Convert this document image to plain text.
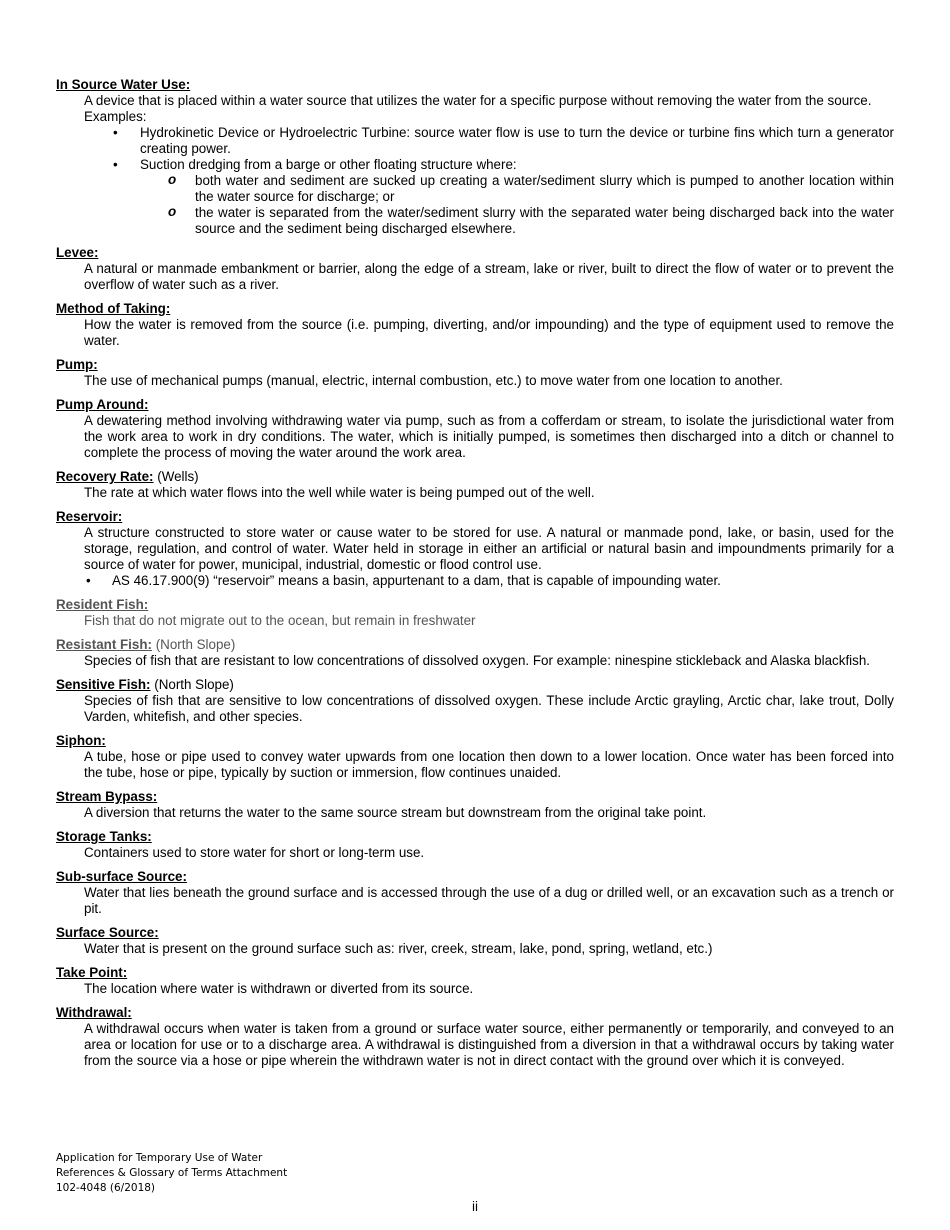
In Source Water Use:

A device that is placed within a water source that utilizes the water for a specific purpose without removing the water from the source.

Examples:

• Hydrokinetic Device or Hydroelectric Turbine: source water flow is use to turn the device or turbine fins which turn a generator creating power.
• Suction dredging from a barge or other floating structure where:
o both water and sediment are sucked up creating a water/sediment slurry which is pumped to another location within the water source for discharge; or
o the water is separated from the water/sediment slurry with the separated water being discharged back into the water source and the sediment being discharged elsewhere.

Levee:

A natural or manmade embankment or barrier, along the edge of a stream, lake or river, built to direct the flow of water or to prevent the overflow of water such as a river.

Method of Taking:

How the water is removed from the source (i.e. pumping, diverting, and/or impounding) and the type of equipment used to remove the water.

Pump:

The use of mechanical pumps (manual, electric, internal combustion, etc.) to move water from one location to another.

Pump Around:

A dewatering method involving withdrawing water via pump, such as from a cofferdam or stream, to isolate the jurisdictional water from the work area to work in dry conditions. The water, which is initially pumped, is sometimes then discharged into a ditch or channel to complete the process of moving the water around the work area.

Recovery Rate: (Wells)

The rate at which water flows into the well while water is being pumped out of the well.

Reservoir:

A structure constructed to store water or cause water to be stored for use. A natural or manmade pond, lake, or basin, used for the storage, regulation, and control of water. Water held in storage in either an artificial or natural basin and impoundments primarily for a source of water for power, municipal, industrial, domestic or flood control use.

• AS 46.17.900(9) “reservoir” means a basin, appurtenant to a dam, that is capable of impounding water.

Resident Fish:

Fish that do not migrate out to the ocean, but remain in freshwater

Resistant Fish: (North Slope)

Species of fish that are resistant to low concentrations of dissolved oxygen. For example: ninespine stickleback and Alaska blackfish.

Sensitive Fish: (North Slope)

Species of fish that are sensitive to low concentrations of dissolved oxygen. These include Arctic grayling, Arctic char, lake trout, Dolly Varden, whitefish, and other species.

Siphon:

A tube, hose or pipe used to convey water upwards from one location then down to a lower location. Once water has been forced into the tube, hose or pipe, typically by suction or immersion, flow continues unaided.

Stream Bypass:

A diversion that returns the water to the same source stream but downstream from the original take point.

Storage Tanks:

Containers used to store water for short or long-term use.

Sub-surface Source:

Water that lies beneath the ground surface and is accessed through the use of a dug or drilled well, or an excavation such as a trench or pit.

Surface Source:

Water that is present on the ground surface such as: river, creek, stream, lake, pond, spring, wetland, etc.)

Take Point:

The location where water is withdrawn or diverted from its source.

Withdrawal:

A withdrawal occurs when water is taken from a ground or surface water source, either permanently or temporarily, and conveyed to an area or location for use or to a discharge area. A withdrawal is distinguished from a diversion in that a withdrawal occurs by taking water from the source via a hose or pipe wherein the withdrawn water is not in direct contact with the ground over which it is conveyed.
Application for Temporary Use of Water
References & Glossary of Terms Attachment
102-4048 (6/2018)
ii
